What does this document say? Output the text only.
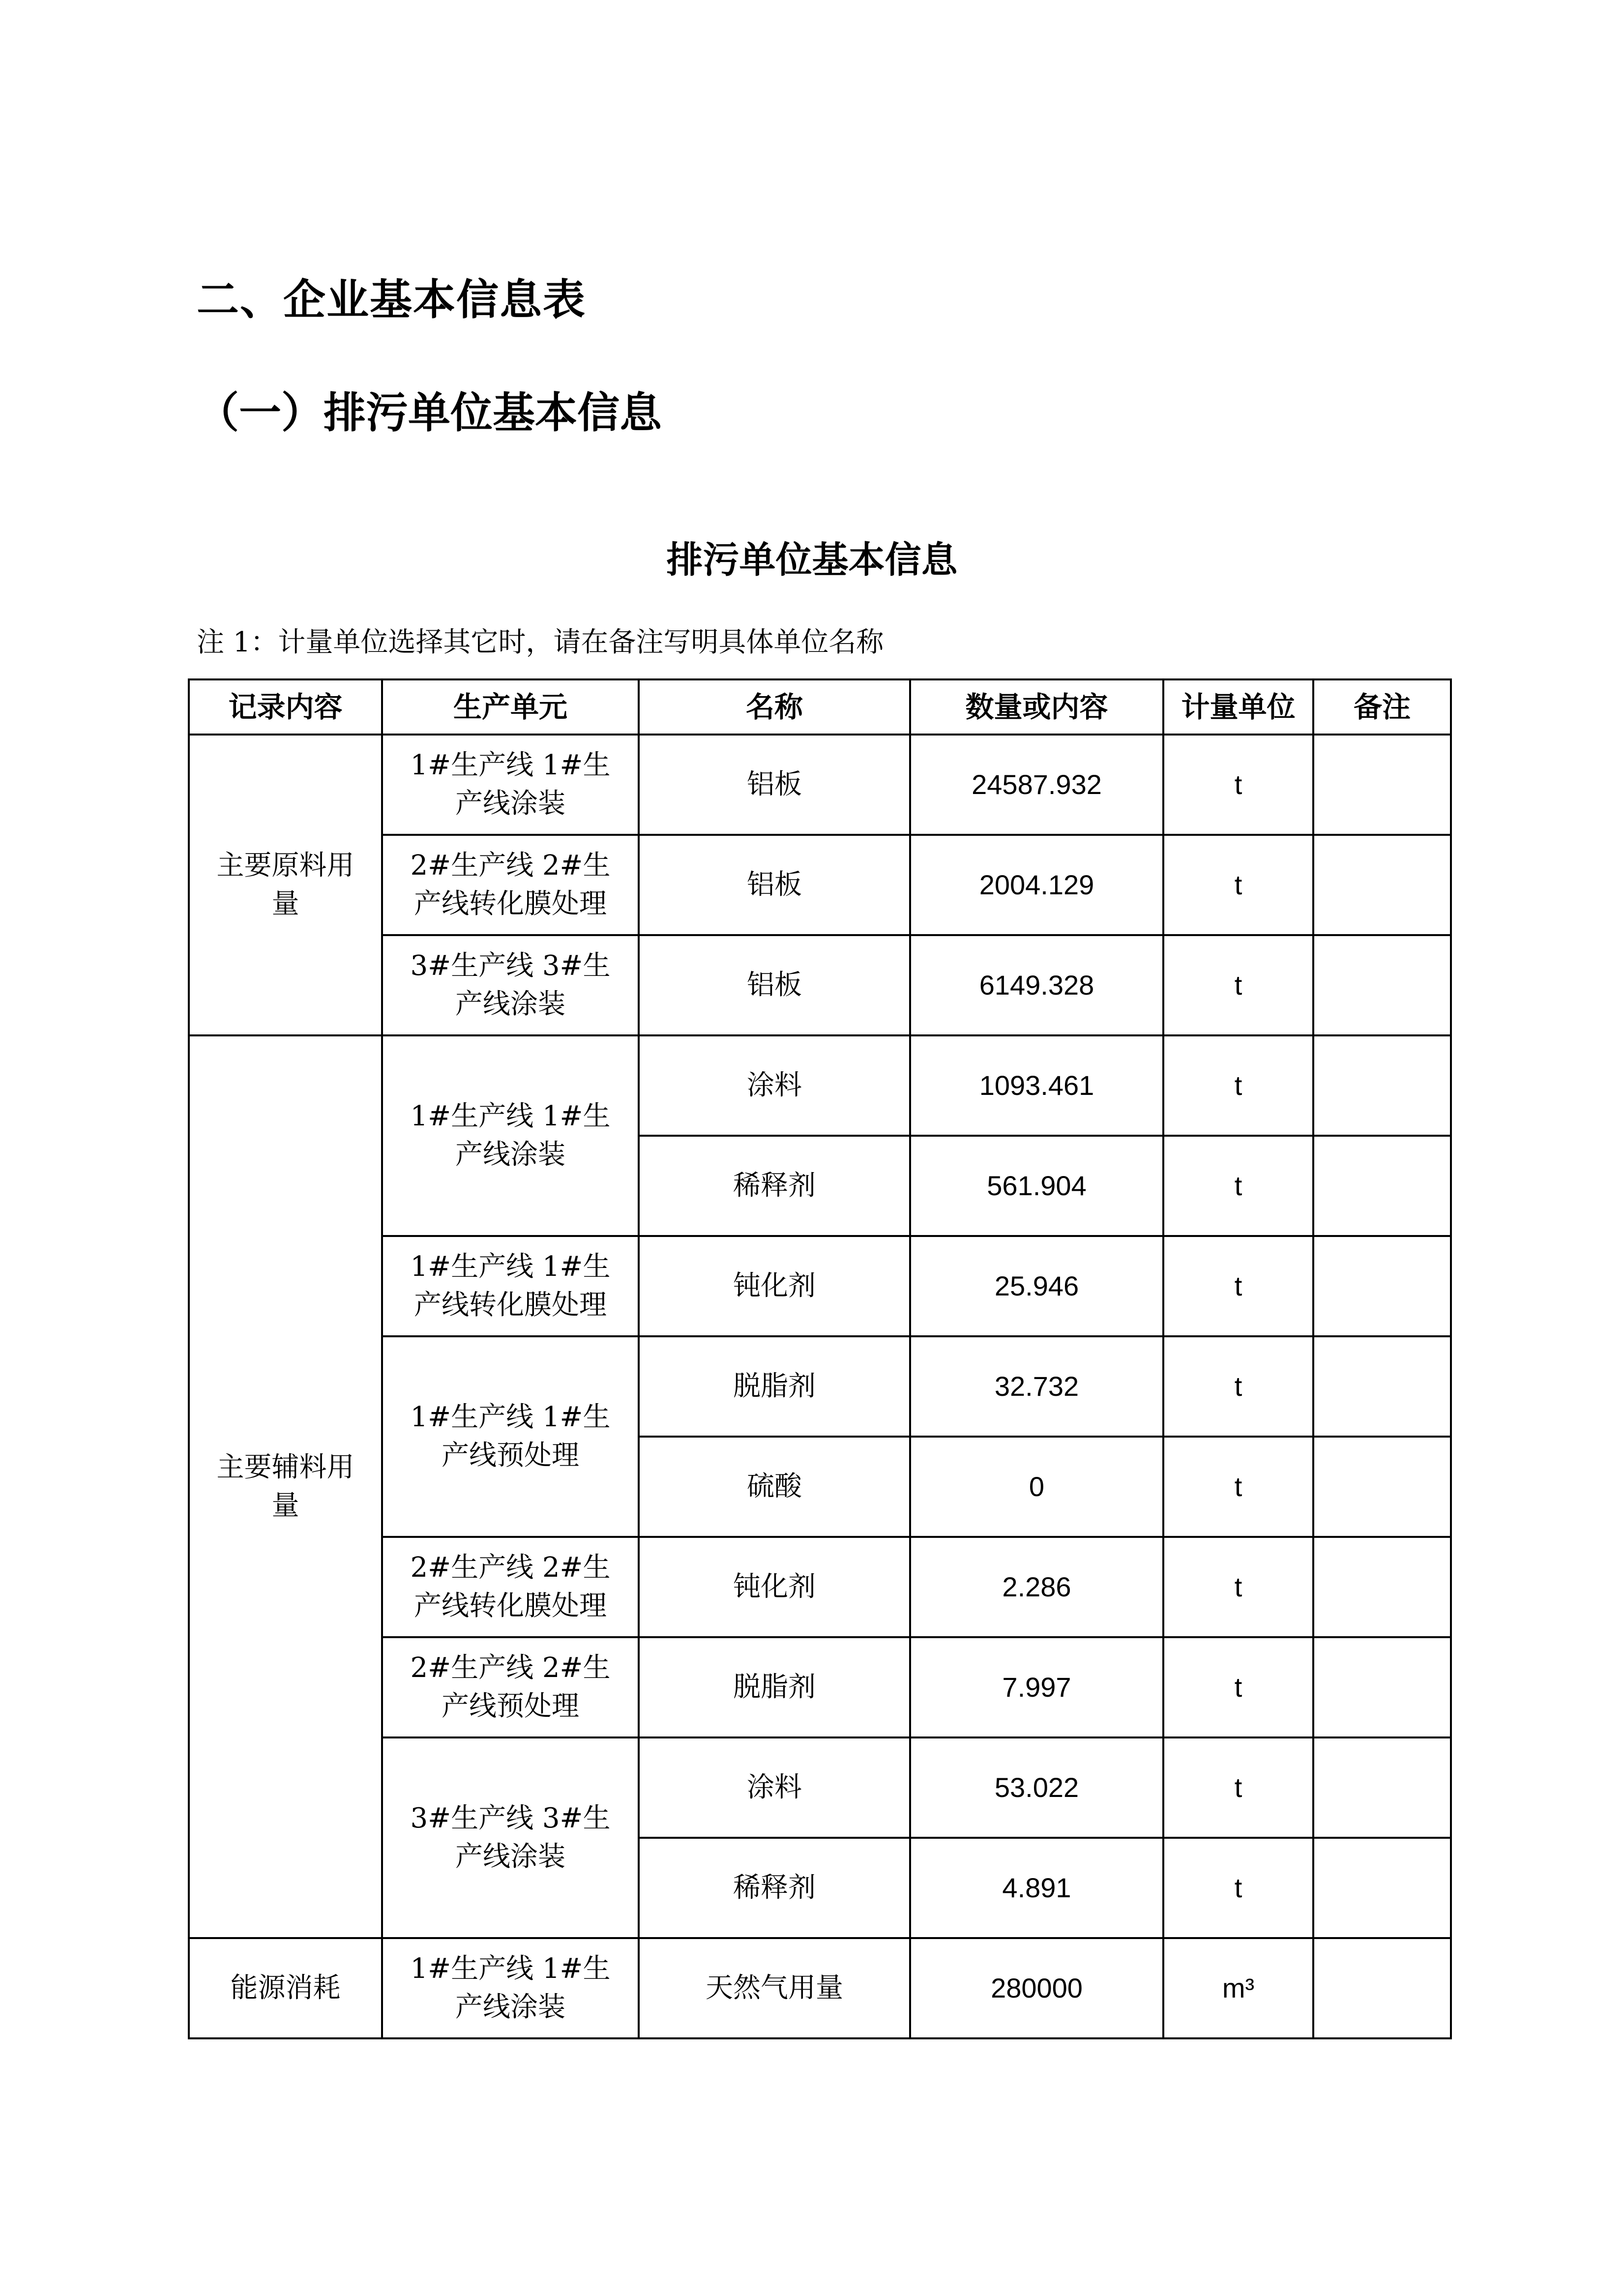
二、企业基本信息表
（一）排污单位基本信息
排污单位基本信息
注 1：计量单位选择其它时，请在备注写明具体单位名称
记录内容	生产单元	名称	数量或内容	计量单位	备注
主要原料用量	1#生产线 1#生产线涂装	铝板	24587.932	t	
	2#生产线 2#生产线转化膜处理	铝板	2004.129	t	
	3#生产线 3#生产线涂装	铝板	6149.328	t	
主要辅料用量	1#生产线 1#生产线涂装	涂料	1093.461	t	
		稀释剂	561.904	t	
	1#生产线 1#生产线转化膜处理	钝化剂	25.946	t	
	1#生产线 1#生产线预处理	脱脂剂	32.732	t	
		硫酸	0	t	
	2#生产线 2#生产线转化膜处理	钝化剂	2.286	t	
	2#生产线 2#生产线预处理	脱脂剂	7.997	t	
	3#生产线 3#生产线涂装	涂料	53.022	t	
		稀释剂	4.891	t	
能源消耗	1#生产线 1#生产线涂装	天然气用量	280000	m³	
